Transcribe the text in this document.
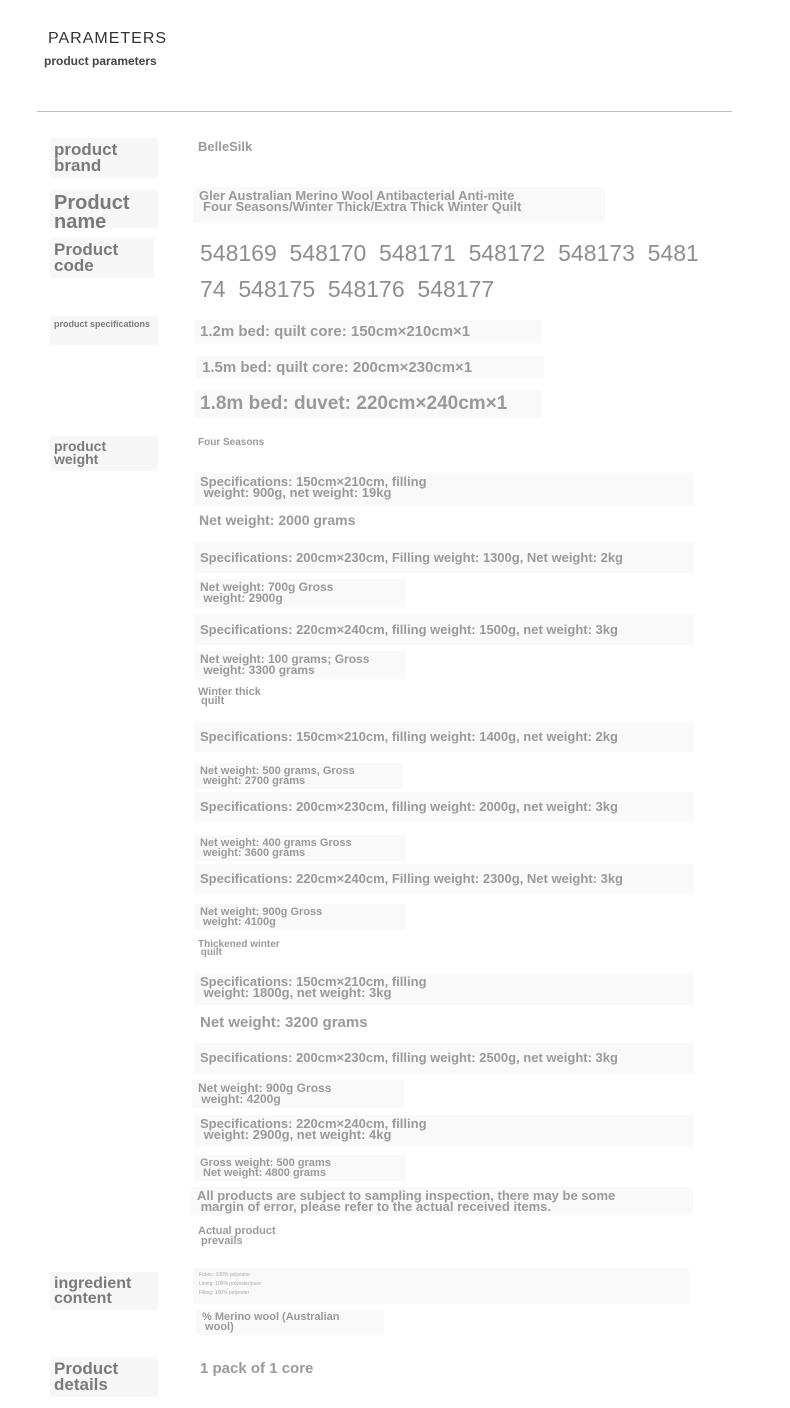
PARAMETERS
product parameters
product
brand
BelleSilk
Product
name
Gler Australian Merino Wool Antibacterial Anti-mite
Four Seasons/Winter Thick/Extra Thick Winter Quilt
Product
code	548169  548170  548171  548172  548173  5481
74  548175  548176  548177
product specifications	1.2m bed: quilt core: 150cm×210cm×1
1.5m bed: quilt core: 200cm×230cm×1
1.8m bed: duvet: 220cm×240cm×1
product
weight
Four Seasons
Specifications: 150cm×210cm, filling
weight: 900g, net weight: 19kg
Net weight: 2000 grams
Specifications: 200cm×230cm, Filling weight: 1300g, Net weight: 2kg
Net weight: 700g Gross
weight: 2900g
Specifications: 220cm×240cm, filling weight: 1500g, net weight: 3kg
Net weight: 100 grams; Gross
weight: 3300 grams
Winter thick
quilt
Specifications: 150cm×210cm, filling weight: 1400g, net weight: 2kg
Net weight: 500 grams, Gross
weight: 2700 grams
Specifications: 200cm×230cm, filling weight: 2000g, net weight: 3kg
Net weight: 400 grams Gross
weight: 3600 grams
Specifications: 220cm×240cm, Filling weight: 2300g, Net weight: 3kg
Net weight: 900g Gross
weight: 4100g
Thickened winter
quilt
Specifications: 150cm×210cm, filling
weight: 1800g, net weight: 3kg
Net weight: 3200 grams
Specifications: 200cm×230cm, filling weight: 2500g, net weight: 3kg
Net weight: 900g Gross
weight: 4200g
Specifications: 220cm×240cm, filling
weight: 2900g, net weight: 4kg
Gross weight: 500 grams
Net weight: 4800 grams
All products are subject to sampling inspection, there may be some
margin of error, please refer to the actual received items.
Actual product
prevails
ingredient
content
Fabric: 100% polyester
Lining: 100% polyester/pure
Filling: 100% polyester
% Merino wool (Australian
wool)
Product
details
1 pack of 1 core
